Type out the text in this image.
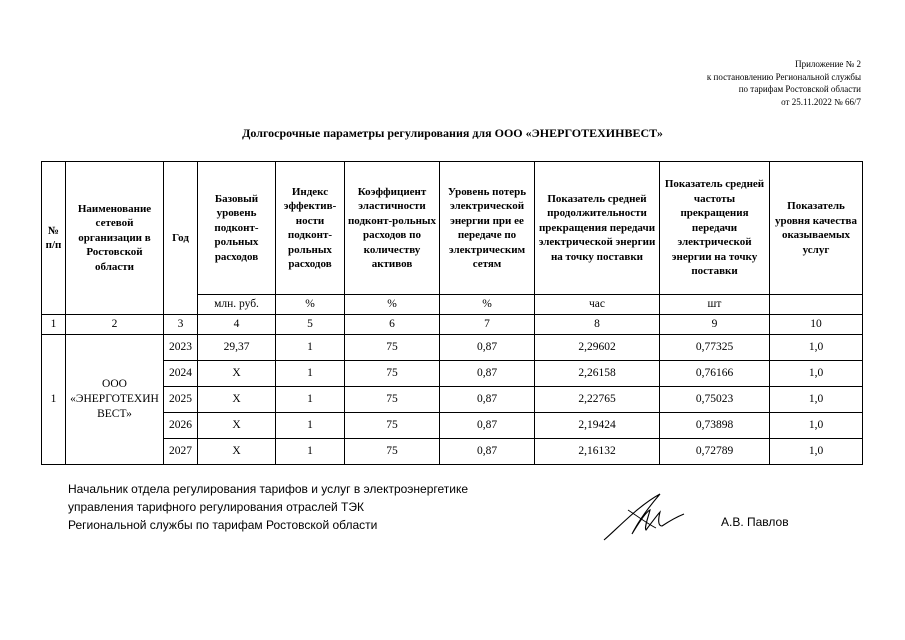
Приложение № 2
к постановлению Региональной службы
по тарифам Ростовской области
от 25.11.2022 № 66/7
Долгосрочные параметры регулирования для ООО «ЭНЕРГОТЕХИНВЕСТ»
№ п/п	Наименование сетевой организации в Ростовской области	Год	Базовый уровень подконт-рольных расходов	Индекс эффектив-ности подконт-рольных расходов	Коэффициент эластичности подконт-рольных расходов по количеству активов	Уровень потерь электрической энергии при ее передаче по электрическим сетям	Показатель средней продолжительности прекращения передачи электрической энергии на точку поставки	Показатель средней частоты прекращения передачи электрической энергии на точку поставки	Показатель уровня качества оказываемых услуг
			млн. руб.	%	%	%	час	шт	
1	2	3	4	5	6	7	8	9	10
1	ООО «ЭНЕРГОТЕХИН ВЕСТ»	2023	29,37	1	75	0,87	2,29602	0,77325	1,0
		2024	X	1	75	0,87	2,26158	0,76166	1,0
		2025	X	1	75	0,87	2,22765	0,75023	1,0
		2026	X	1	75	0,87	2,19424	0,73898	1,0
		2027	X	1	75	0,87	2,16132	0,72789	1,0
Начальник отдела регулирования тарифов и услуг в электроэнергетике
управления тарифного регулирования отраслей ТЭК
Региональной службы по тарифам Ростовской области	А.В. Павлов
